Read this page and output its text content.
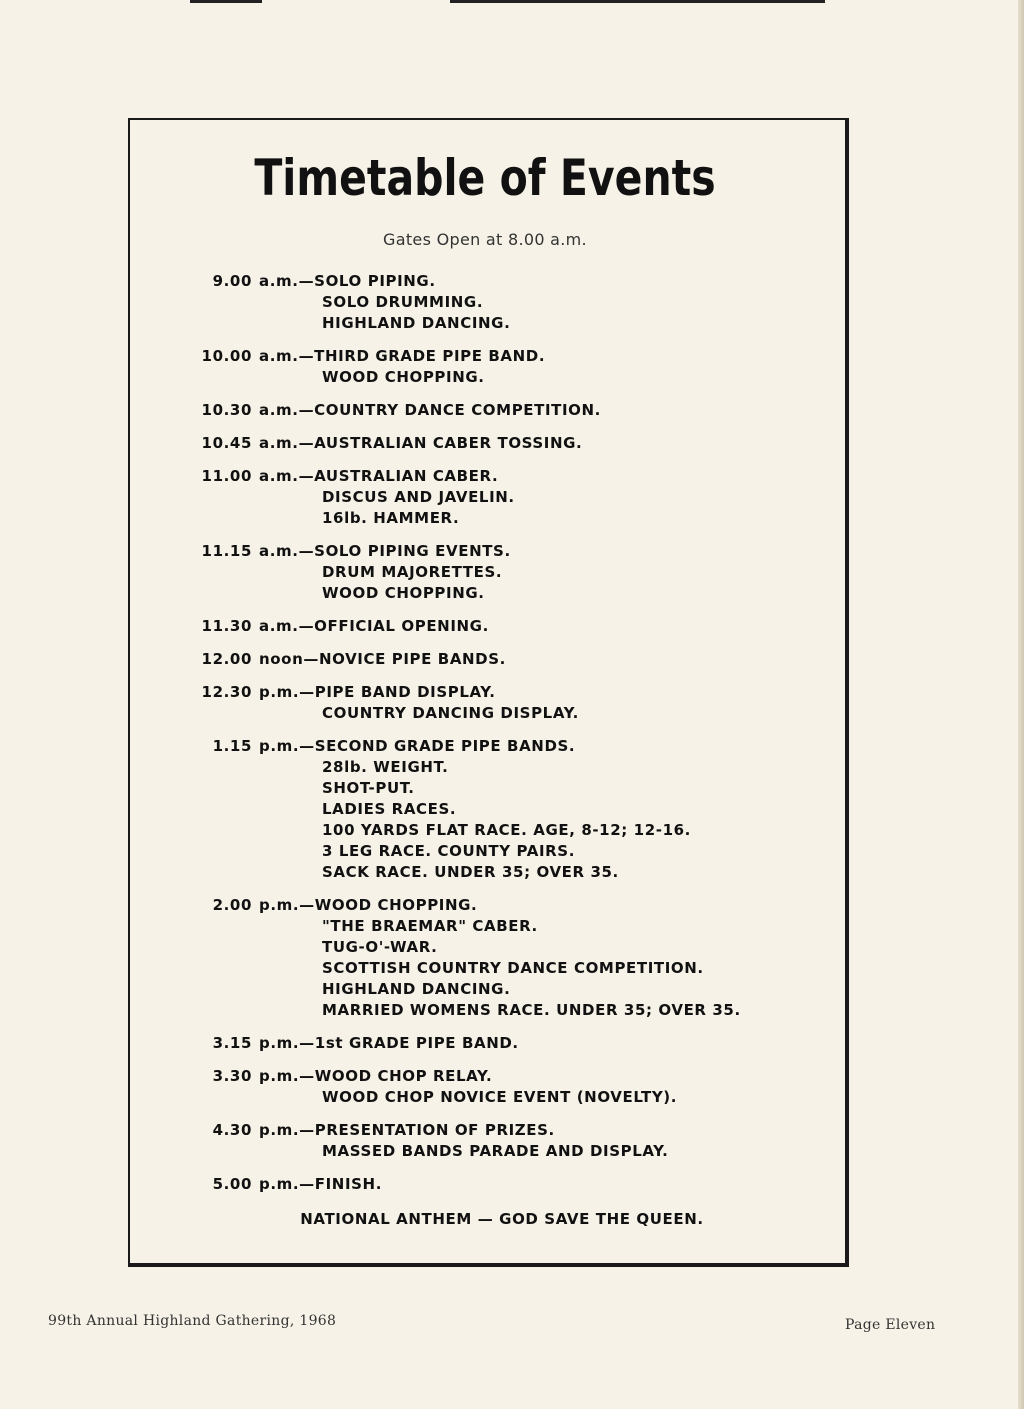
Timetable of Events
Gates Open at 8.00 a.m.
9.00 a.m.—SOLO PIPING.
SOLO DRUMMING.
HIGHLAND DANCING.
10.00 a.m.—THIRD GRADE PIPE BAND.
WOOD CHOPPING.
10.30 a.m.—COUNTRY DANCE COMPETITION.
10.45 a.m.—AUSTRALIAN CABER TOSSING.
11.00 a.m.—AUSTRALIAN CABER.
DISCUS AND JAVELIN.
16lb. HAMMER.
11.15 a.m.—SOLO PIPING EVENTS.
DRUM MAJORETTES.
WOOD CHOPPING.
11.30 a.m.—OFFICIAL OPENING.
12.00 noon—NOVICE PIPE BANDS.
12.30 p.m.—PIPE BAND DISPLAY.
COUNTRY DANCING DISPLAY.
1.15 p.m.—SECOND GRADE PIPE BANDS.
28lb. WEIGHT.
SHOT-PUT.
LADIES RACES.
100 YARDS FLAT RACE. AGE, 8-12; 12-16.
3 LEG RACE. COUNTY PAIRS.
SACK RACE. UNDER 35; OVER 35.
2.00 p.m.—WOOD CHOPPING.
"THE BRAEMAR" CABER.
TUG-O'-WAR.
SCOTTISH COUNTRY DANCE COMPETITION.
HIGHLAND DANCING.
MARRIED WOMENS RACE. UNDER 35; OVER 35.
3.15 p.m.—1st GRADE PIPE BAND.
3.30 p.m.—WOOD CHOP RELAY.
WOOD CHOP NOVICE EVENT (NOVELTY).
4.30 p.m.—PRESENTATION OF PRIZES.
MASSED BANDS PARADE AND DISPLAY.
5.00 p.m.—FINISH.
NATIONAL ANTHEM — GOD SAVE THE QUEEN.
99th Annual Highland Gathering, 1968	Page Eleven
